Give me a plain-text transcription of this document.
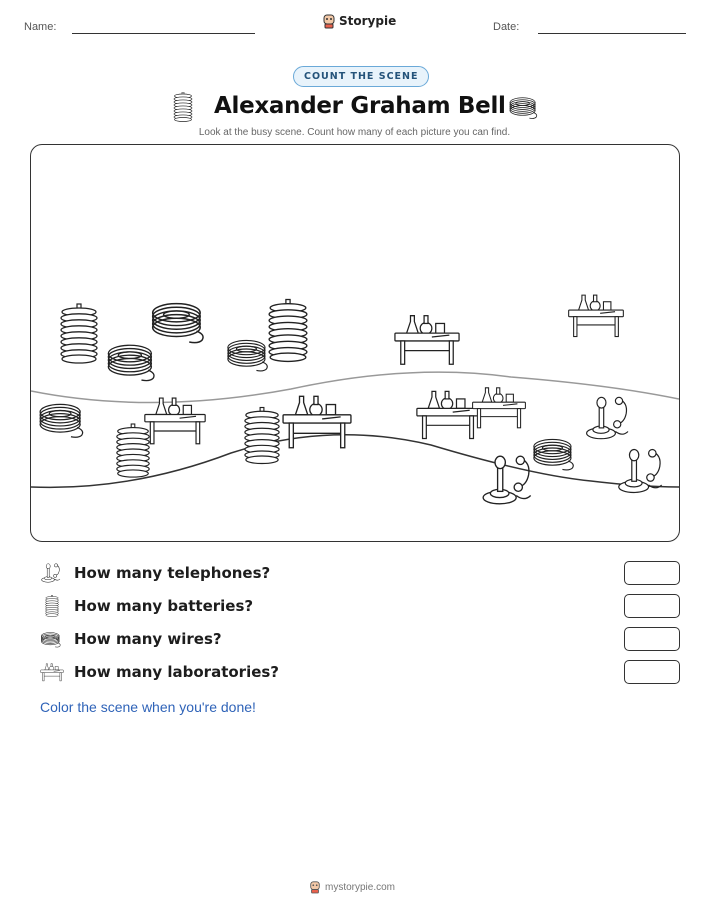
Name:	Storypie	Date:
COUNT THE SCENE
Alexander Graham Bell
Look at the busy scene. Count how many of each picture you can find.
How many telephones?
How many batteries?
How many wires?
How many laboratories?
Color the scene when you're done!
mystorypie.com
